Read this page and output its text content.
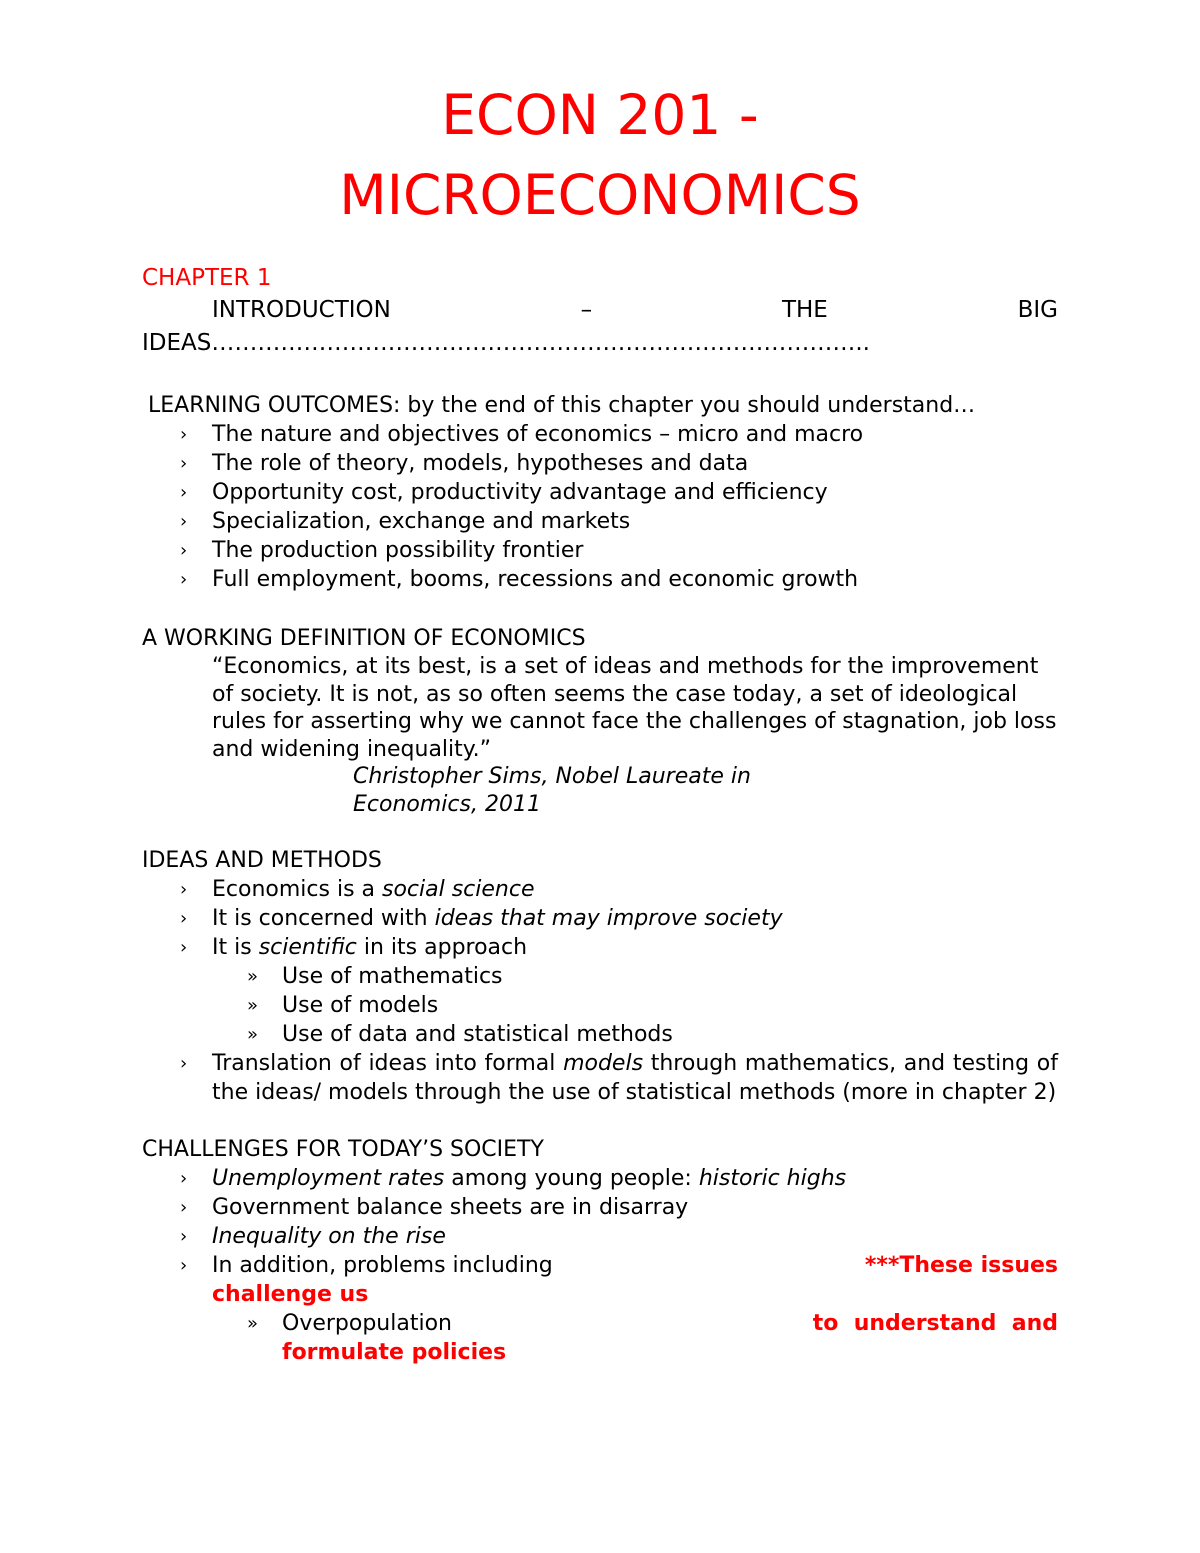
ECON 201 -
MICROECONOMICS
CHAPTER 1
INTRODUCTION	–	THE	BIG
IDEAS…………………………………………………………………………..
LEARNING OUTCOMES: by the end of this chapter you should understand…
› The nature and objectives of economics – micro and macro
› The role of theory, models, hypotheses and data
› Opportunity cost, productivity advantage and efficiency
› Specialization, exchange and markets
› The production possibility frontier
› Full employment, booms, recessions and economic growth
A WORKING DEFINITION OF ECONOMICS
“Economics, at its best, is a set of ideas and methods for the improvement of society. It is not, as so often seems the case today, a set of ideological rules for asserting why we cannot face the challenges of stagnation, job loss and widening inequality.”
Christopher Sims, Nobel Laureate in
Economics, 2011
IDEAS AND METHODS
› Economics is a social science
› It is concerned with ideas that may improve society
› It is scientific in its approach
» Use of mathematics
» Use of models
» Use of data and statistical methods
› Translation of ideas into formal models through mathematics, and testing of the ideas/ models through the use of statistical methods (more in chapter 2)
CHALLENGES FOR TODAY’S SOCIETY
› Unemployment rates among young people: historic highs
› Government balance sheets are in disarray
› Inequality on the rise
› In addition, problems including	***These issues
challenge us
» Overpopulation	to  understand  and
formulate policies
